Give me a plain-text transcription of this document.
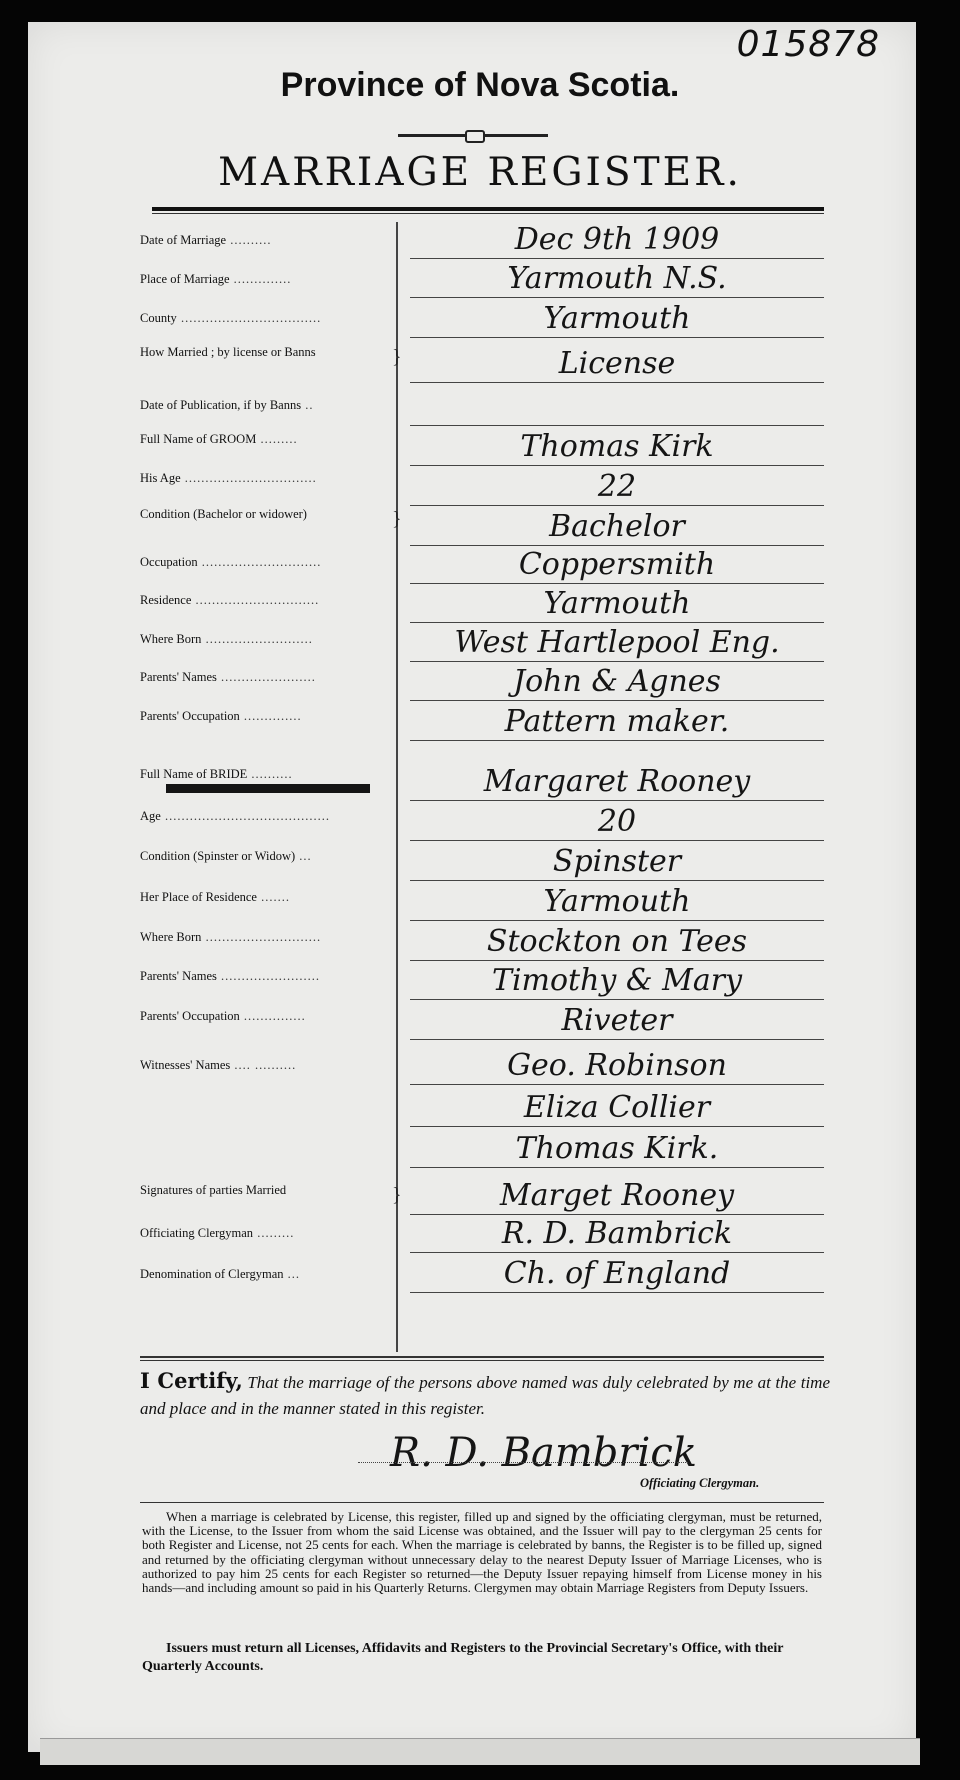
015878
Province of Nova Scotia.
MARRIAGE REGISTER.
Date of Marriage ..........	Dec 9th 1909
Place of Marriage ..............	Yarmouth N.S.
County ..................................	Yarmouth
How Married ; by license or Banns	}	License
Date of Publication, if by Banns ..
Full Name of GROOM .........	Thomas Kirk
His Age ................................	22
Condition (Bachelor or widower)	}	Bachelor
Occupation .............................	Coppersmith
Residence ..............................	Yarmouth
Where Born ..........................	West Hartlepool Eng.
Parents' Names .......................	John & Agnes
Parents' Occupation ..............	Pattern maker.
Full Name of BRIDE ..........	Margaret Rooney
Age ........................................	20
Condition (Spinster or Widow) ...	Spinster
Her Place of Residence .......	Yarmouth
Where Born ............................	Stockton on Tees
Parents' Names ........................	Timothy & Mary
Parents' Occupation ...............	Riveter
Witnesses' Names .... ..........	Geo. Robinson
Eliza Collier
Thomas Kirk.
Signatures of parties Married	}	Marget Rooney
Officiating Clergyman .........	R. D. Bambrick
Denomination of Clergyman ...	Ch. of England
I Certify, That the marriage of the persons above named was duly celebrated by me at the time and place and in the manner stated in this register.
R. D. Bambrick
Officiating Clergyman.
When a marriage is celebrated by License, this register, filled up and signed by the officiating clergyman, must be returned, with the License, to the Issuer from whom the said License was obtained, and the Issuer will pay to the clergyman 25 cents for both Register and License, not 25 cents for each. When the marriage is celebrated by banns, the Register is to be filled up, signed and returned by the officiating clergyman without unnecessary delay to the nearest Deputy Issuer of Marriage Licenses, who is authorized to pay him 25 cents for each Register so returned—the Deputy Issuer repaying himself from License money in his hands—and including amount so paid in his Quarterly Returns. Clergymen may obtain Marriage Registers from Deputy Issuers.
Issuers must return all Licenses, Affidavits and Registers to the Provincial Secretary's Office, with their Quarterly Accounts.
